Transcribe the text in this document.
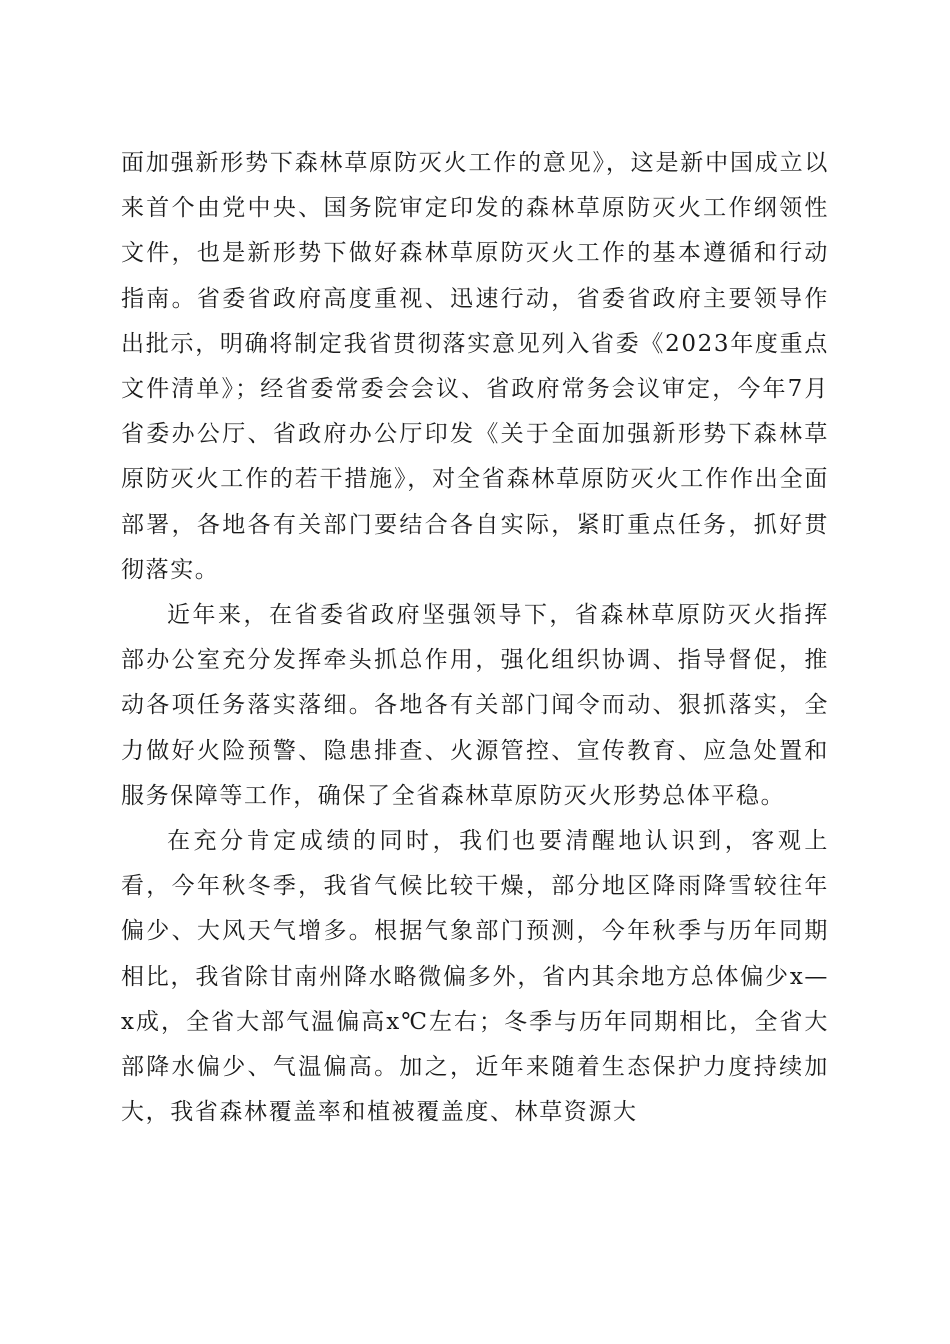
面加强新形势下森林草原防灭火工作的意见》，这是新中国成立以来首个由党中央、国务院审定印发的森林草原防灭火工作纲领性文件，也是新形势下做好森林草原防灭火工作的基本遵循和行动指南。省委省政府高度重视、迅速行动，省委省政府主要领导作出批示，明确将制定我省贯彻落实意见列入省委《2023年度重点文件清单》；经省委常委会会议、省政府常务会议审定，今年7月省委办公厅、省政府办公厅印发《关于全面加强新形势下森林草原防灭火工作的若干措施》，对全省森林草原防灭火工作作出全面部署，各地各有关部门要结合各自实际，紧盯重点任务，抓好贯彻落实。

近年来，在省委省政府坚强领导下，省森林草原防灭火指挥部办公室充分发挥牵头抓总作用，强化组织协调、指导督促，推动各项任务落实落细。各地各有关部门闻令而动、狠抓落实，全力做好火险预警、隐患排查、火源管控、宣传教育、应急处置和服务保障等工作，确保了全省森林草原防灭火形势总体平稳。

在充分肯定成绩的同时，我们也要清醒地认识到，客观上看，今年秋冬季，我省气候比较干燥，部分地区降雨降雪较往年偏少、大风天气增多。根据气象部门预测，今年秋季与历年同期相比，我省除甘南州降水略微偏多外，省内其余地方总体偏少x—x成，全省大部气温偏高x℃左右；冬季与历年同期相比，全省大部降水偏少、气温偏高。加之，近年来随着生态保护力度持续加大，我省森林覆盖率和植被覆盖度、林草资源大
